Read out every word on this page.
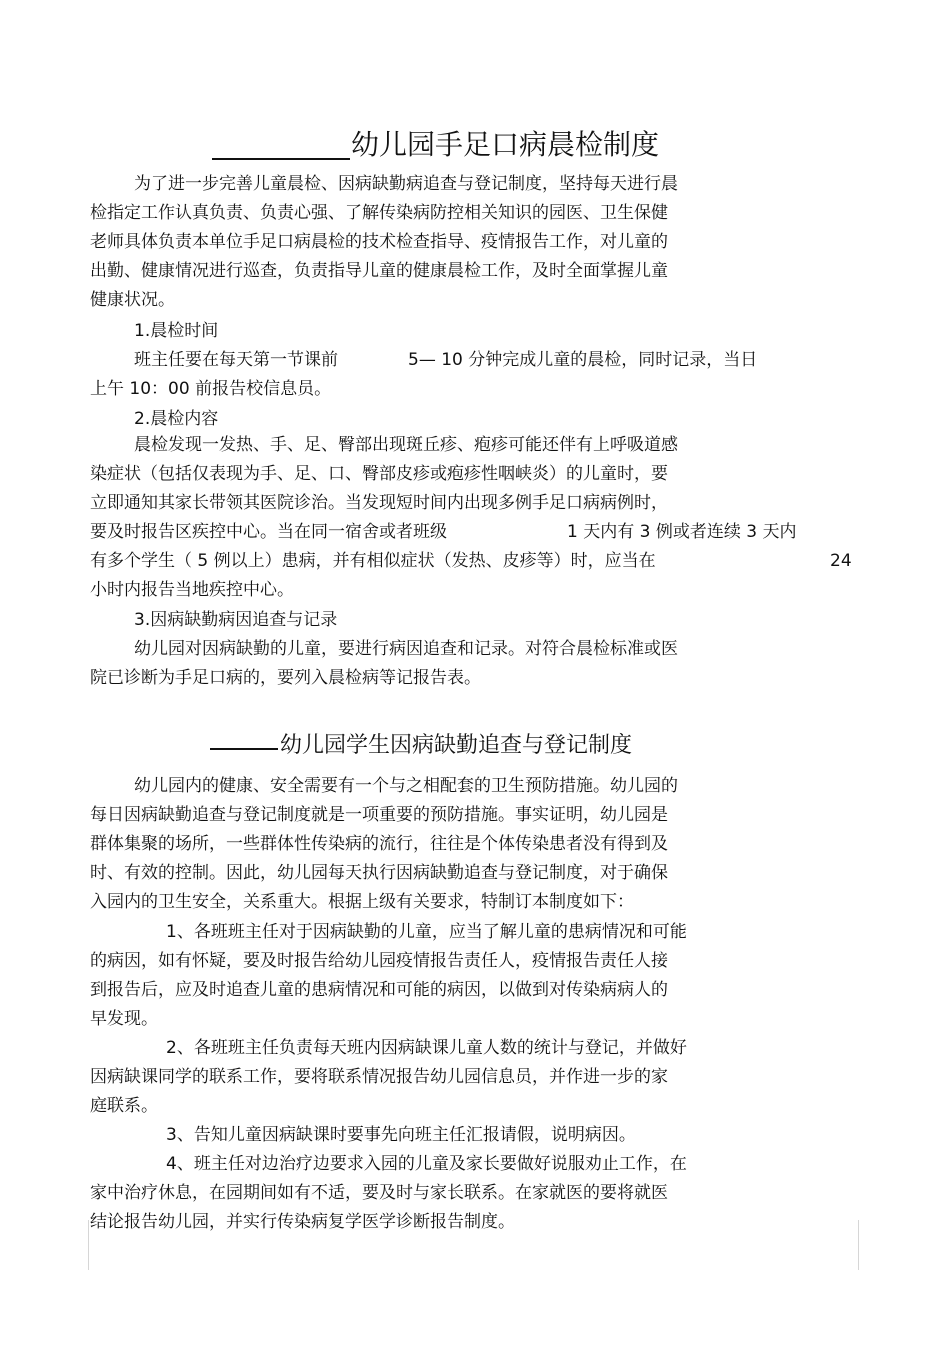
幼儿园手足口病晨检制度
为了进一步完善儿童晨检、因病缺勤病追查与登记制度，坚持每天进行晨
检指定工作认真负责、负责心强、了解传染病防控相关知识的园医、卫生保健
老师具体负责本单位手足口病晨检的技术检查指导、疫情报告工作，对儿童的
出勤、健康情况进行巡查，负责指导儿童的健康晨检工作，及时全面掌握儿童
健康状况。
1.晨检时间
班主任要在每天第一节课前	5— 10 分钟完成儿童的晨检，同时记录，当日
上午 10：00 前报告校信息员。
2.晨检内容
晨检发现一发热、手、足、臀部出现斑丘疹、疱疹可能还伴有上呼吸道感
染症状（包括仅表现为手、足、口、臀部皮疹或疱疹性咽峡炎）的儿童时，要
立即通知其家长带领其医院诊治。当发现短时间内出现多例手足口病病例时，
要及时报告区疾控中心。当在同一宿舍或者班级	1 天内有 3 例或者连续 3 天内
有多个学生（ 5 例以上）患病，并有相似症状（发热、皮疹等）时，应当在	24
小时内报告当地疾控中心。
3.因病缺勤病因追查与记录
幼儿园对因病缺勤的儿童，要进行病因追查和记录。对符合晨检标准或医
院已诊断为手足口病的，要列入晨检病等记报告表。
幼儿园学生因病缺勤追查与登记制度
幼儿园内的健康、安全需要有一个与之相配套的卫生预防措施。幼儿园的
每日因病缺勤追查与登记制度就是一项重要的预防措施。事实证明，幼儿园是
群体集聚的场所，一些群体性传染病的流行，往往是个体传染患者没有得到及
时、有效的控制。因此，幼儿园每天执行因病缺勤追查与登记制度，对于确保
入园内的卫生安全，关系重大。根据上级有关要求，特制订本制度如下：
1、各班班主任对于因病缺勤的儿童，应当了解儿童的患病情况和可能
的病因，如有怀疑，要及时报告给幼儿园疫情报告责任人，疫情报告责任人接
到报告后，应及时追查儿童的患病情况和可能的病因，以做到对传染病病人的
早发现。
2、各班班主任负责每天班内因病缺课儿童人数的统计与登记，并做好
因病缺课同学的联系工作，要将联系情况报告幼儿园信息员，并作进一步的家
庭联系。
3、告知儿童因病缺课时要事先向班主任汇报请假，说明病因。
4、班主任对边治疗边要求入园的儿童及家长要做好说服劝止工作，在
家中治疗休息，在园期间如有不适，要及时与家长联系。在家就医的要将就医
结论报告幼儿园，并实行传染病复学医学诊断报告制度。
